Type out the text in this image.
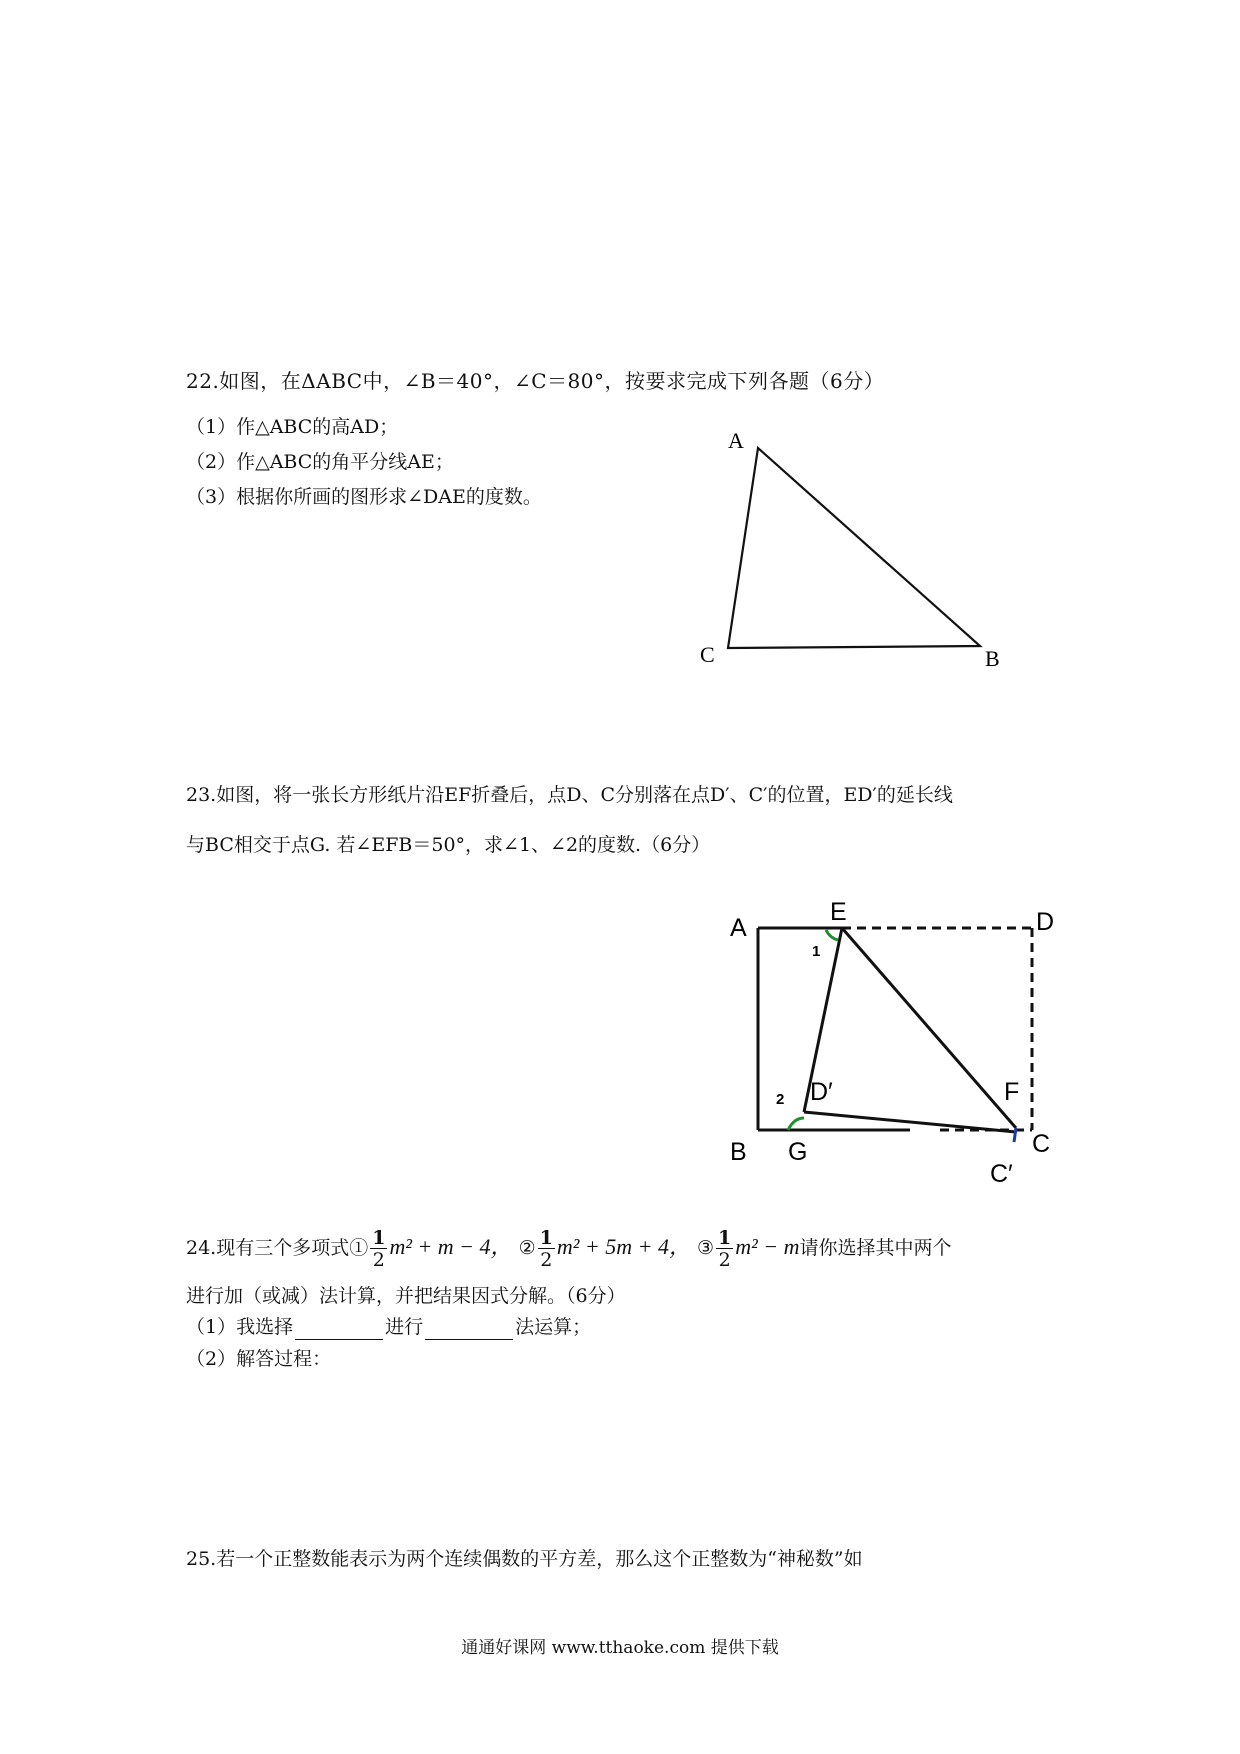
22.如图，在ΔABC中，∠B＝40°，∠C＝80°，按要求完成下列各题（6分）
（1）作△ABC的高AD；
（2）作△ABC的角平分线AE；
（3）根据你所画的图形求∠DAE的度数。
A
C	B
23.如图，将一张长方形纸片沿EF折叠后，点D、C分别落在点D′、C′的位置，ED′的延长线
与BC相交于点G. 若∠EFB＝50°，求∠1、∠2的度数.（6分）
A
E	D
1
D′
2	F
B G	C
C′
24.现有三个多项式① $\frac{1}{2} m^2 + m - 4$， ② $\frac{1}{2} m^2 + 5m + 4$， ③ $\frac{1}{2} m^2 - m$请你选择其中两个
进行加（或减）法计算，并把结果因式分解。（6分）
（1）我选择	进行	法运算；
（2）解答过程：
25.若一个正整数能表示为两个连续偶数的平方差，那么这个正整数为“神秘数”如
通通好课网 www.tthaoke.com 提供下载
